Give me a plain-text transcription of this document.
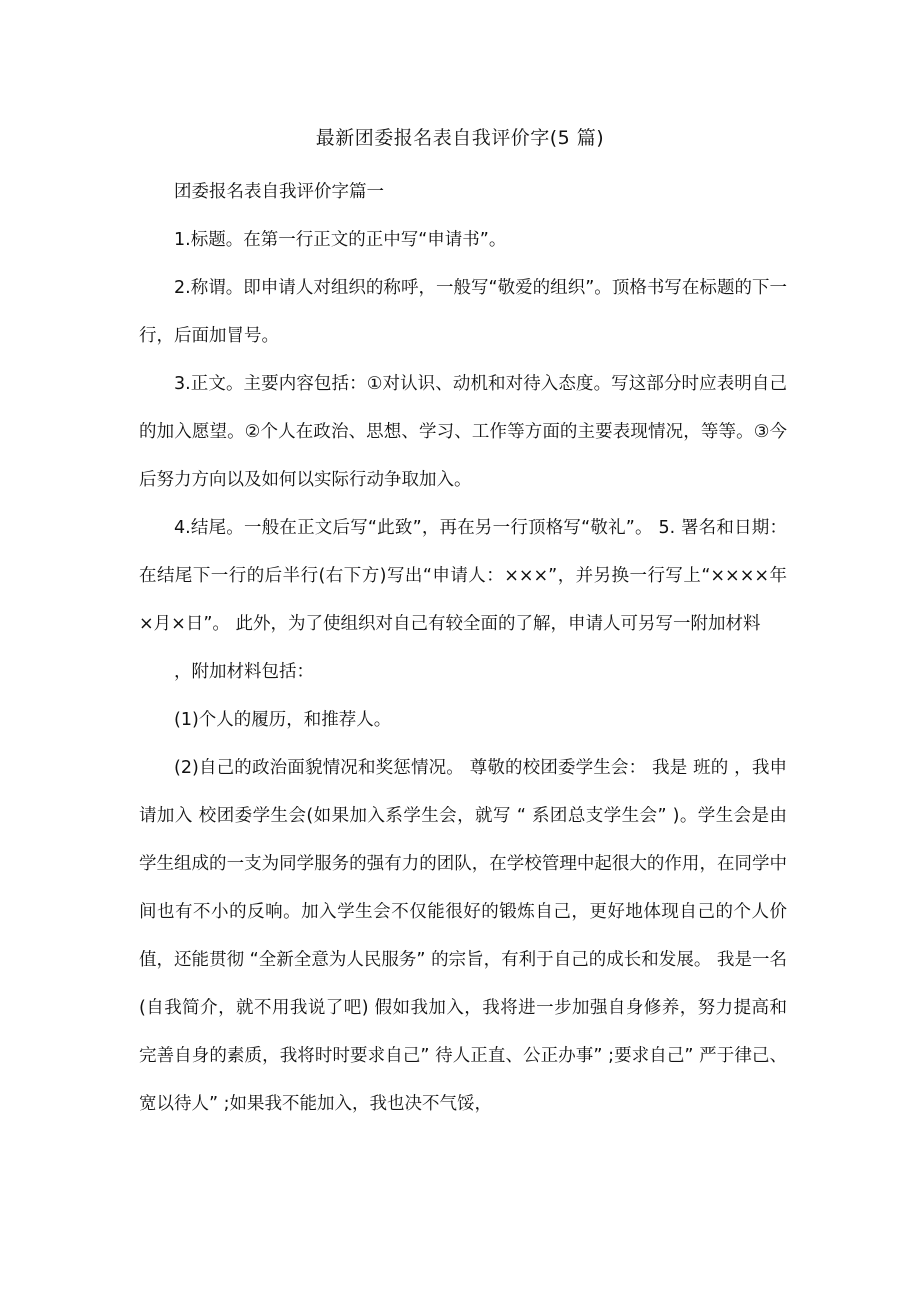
最新团委报名表自我评价字(5 篇)

团委报名表自我评价字篇一

1.标题。在第一行正文的正中写“申请书”。

2.称谓。即申请人对组织的称呼，一般写“敬爱的组织”。顶格书写在标题的下一行，后面加冒号。

3.正文。主要内容包括：①对认识、动机和对待入态度。写这部分时应表明自己的加入愿望。②个人在政治、思想、学习、工作等方面的主要表现情况，等等。③今后努力方向以及如何以实际行动争取加入。

4.结尾。一般在正文后写“此致”，再在另一行顶格写“敬礼”。 5. 署名和日期：在结尾下一行的后半行(右下方)写出“申请人：×××”，并另换一行写上“××××年×月×日”。 此外，为了使组织对自己有较全面的了解，申请人可另写一附加材料

，附加材料包括：

(1)个人的履历，和推荐人。

(2)自己的政治面貌情况和奖惩情况。 尊敬的校团委学生会： 我是 班的 ，我申请加入 校团委学生会(如果加入系学生会，就写 “ 系团总支学生会” )。学生会是由学生组成的一支为同学服务的强有力的团队，在学校管理中起很大的作用，在同学中间也有不小的反响。加入学生会不仅能很好的锻炼自己，更好地体现自己的个人价值，还能贯彻 “全新全意为人民服务” 的宗旨，有利于自己的成长和发展。 我是一名(自我简介，就不用我说了吧) 假如我加入，我将进一步加强自身修养，努力提高和完善自身的素质，我将时时要求自己” 待人正直、公正办事” ;要求自己” 严于律己、宽以待人” ;如果我不能加入，我也决不气馁，
